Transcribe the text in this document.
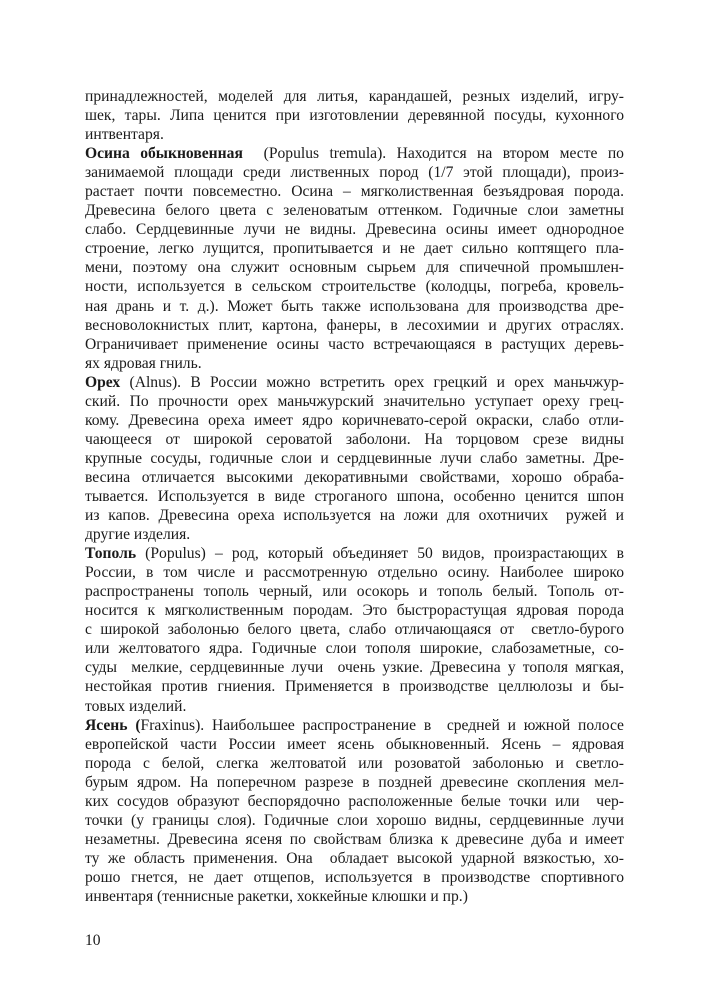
принадлежностей, моделей для литья, карандашей, резных изделий, игру-
шек, тары. Липа ценится при изготовлении деревянной посуды, кухонного
интвентаря.
Осина обыкновенная  (Populus tremula). Находится на втором месте по
занимаемой площади среди лиственных пород (1/7 этой площади), произ-
растает почти повсеместно. Осина – мягколиственная безъядровая порода.
Древесина белого цвета с зеленоватым оттенком. Годичные слои заметны
слабо. Сердцевинные лучи не видны. Древесина осины имеет однородное
строение, легко лущится, пропитывается и не дает сильно коптящего пла-
мени, поэтому она служит основным сырьем для спичечной промышлен-
ности, используется в сельском строительстве (колодцы, погреба, кровель-
ная дрань и т. д.). Может быть также использована для производства дре-
весноволокнистых плит, картона, фанеры, в лесохимии и других отраслях.
Ограничивает применение осины часто встречающаяся в растущих деревь-
ях ядровая гниль.
Орех (Alnus). В России можно встретить орех грецкий и орех маньчжур-
ский. По прочности орех маньчжурский значительно уступает ореху грец-
кому. Древесина ореха имеет ядро коричневато-серой окраски, слабо отли-
чающееся от широкой сероватой заболони. На торцовом срезе видны
крупные сосуды, годичные слои и сердцевинные лучи слабо заметны. Дре-
весина отличается высокими декоративными свойствами, хорошо обраба-
тывается. Используется в виде строганого шпона, особенно ценится шпон
из капов. Древесина ореха используется на ложи для охотничих  ружей и
другие изделия.
Тополь (Populus) – род, который объединяет 50 видов, произрастающих в
России, в том числе и рассмотренную отдельно осину. Наиболее широко
распространены тополь черный, или осокорь и тополь белый. Тополь от-
носится к мягколиственным породам. Это быстрорастущая ядровая порода
с широкой заболонью белого цвета, слабо отличающаяся от  светло-бурого
или желтоватого ядра. Годичные слои тополя широкие, слабозаметные, со-
суды  мелкие, сердцевинные лучи  очень узкие. Древесина у тополя мягкая,
нестойкая против гниения. Применяется в производстве целлюлозы и бы-
товых изделий.
Ясень (Fraxinus). Наибольшее распространение в  средней и южной полосе
европейской части России имеет ясень обыкновенный. Ясень – ядровая
порода с белой, слегка желтоватой или розоватой заболонью и светло-
бурым ядром. На поперечном разрезе в поздней древесине скопления мел-
ких сосудов образуют беспорядочно расположенные белые точки или  чер-
точки (у границы слоя). Годичные слои хорошо видны, сердцевинные лучи
незаметны. Древесина ясеня по свойствам близка к древесине дуба и имеет
ту же область применения. Она  обладает высокой ударной вязкостью, хо-
рошо гнется, не дает отщепов, используется в производстве спортивного
инвентаря (теннисные ракетки, хоккейные клюшки и пр.)
10
